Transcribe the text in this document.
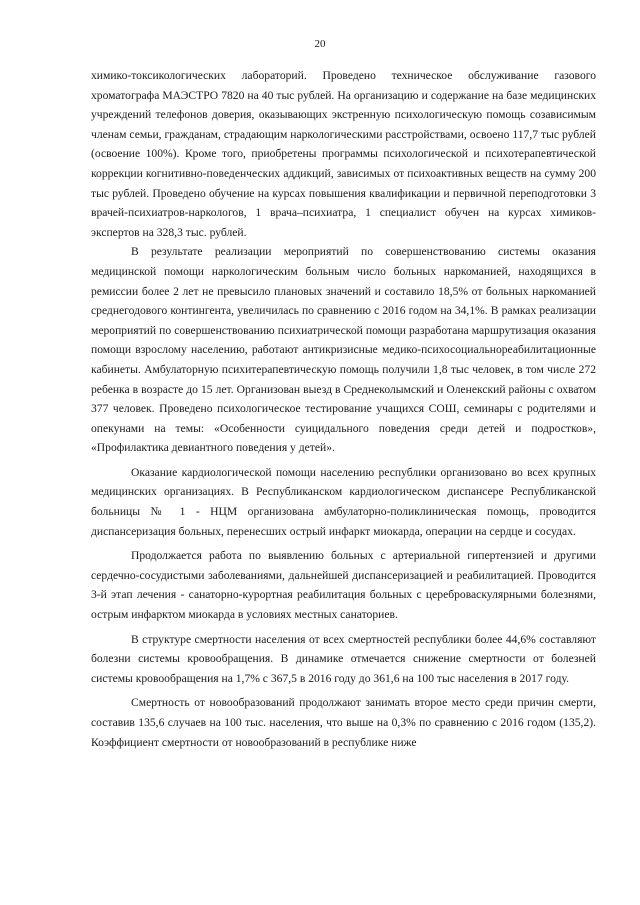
20

химико-токсикологических лабораторий. Проведено техническое обслуживание газового хроматографа МАЭСТРО 7820 на 40 тыс рублей. На организацию и содержание на базе медицинских учреждений телефонов доверия, оказывающих экстренную психологическую помощь созависимым членам семьи, гражданам, страдающим наркологическими расстройствами, освоено 117,7 тыс рублей (освоение 100%). Кроме того, приобретены программы психологической и психотерапевтической коррекции когнитивно-поведенческих аддикций, зависимых от психоактивных веществ на сумму 200 тыс рублей. Проведено обучение на курсах повышения квалификации и первичной переподготовки 3 врачей-психиатров-наркологов, 1 врача–психиатра, 1 специалист обучен на курсах химиков-экспертов на 328,3 тыс. рублей.

В результате реализации мероприятий по совершенствованию системы оказания медицинской помощи наркологическим больным число больных наркоманией, находящихся в ремиссии более 2 лет не превысило плановых значений и составило 18,5% от больных наркоманией среднегодового контингента, увеличилась по сравнению с 2016 годом на 34,1%. В рамках реализации мероприятий по совершенствованию психиатрической помощи разработана маршрутизация оказания помощи взрослому населению, работают антикризисные медико-психосоциальнореабилитационные кабинеты. Амбулаторную психитерапевтическую помощь получили 1,8 тыс человек, в том числе 272 ребенка в возрасте до 15 лет. Организован выезд в Среднеколымский и Оленекский районы с охватом 377 человек. Проведено психологическое тестирование учащихся СОШ, семинары с родителями и опекунами на темы: «Особенности суицидального поведения среди детей и подростков», «Профилактика девиантного поведения у детей».

Оказание кардиологической помощи населению республики организовано во всех крупных медицинских организациях. В Республиканском кардиологическом диспансере Республиканской больницы № 1 - НЦМ организована амбулаторно-поликлиническая помощь, проводится диспансеризация больных, перенесших острый инфаркт миокарда, операции на сердце и сосудах.

Продолжается работа по выявлению больных с артериальной гипертензией и другими сердечно-сосудистыми заболеваниями, дальнейшей диспансеризацией и реабилитацией. Проводится 3-й этап лечения - санаторно-курортная реабилитация больных с цереброваскулярными болезнями, острым инфарктом миокарда в условиях местных санаториев.

В структуре смертности населения от всех смертностей республики более 44,6% составляют болезни системы кровообращения. В динамике отмечается снижение смертности от болезней системы кровообращения на 1,7% с 367,5 в 2016 году до 361,6 на 100 тыс населения в 2017 году.

Смертность от новообразований продолжают занимать второе место среди причин смерти, составив 135,6 случаев на 100 тыс. населения, что выше на 0,3% по сравнению с 2016 годом (135,2). Коэффициент смертности от новообразований в республике ниже
